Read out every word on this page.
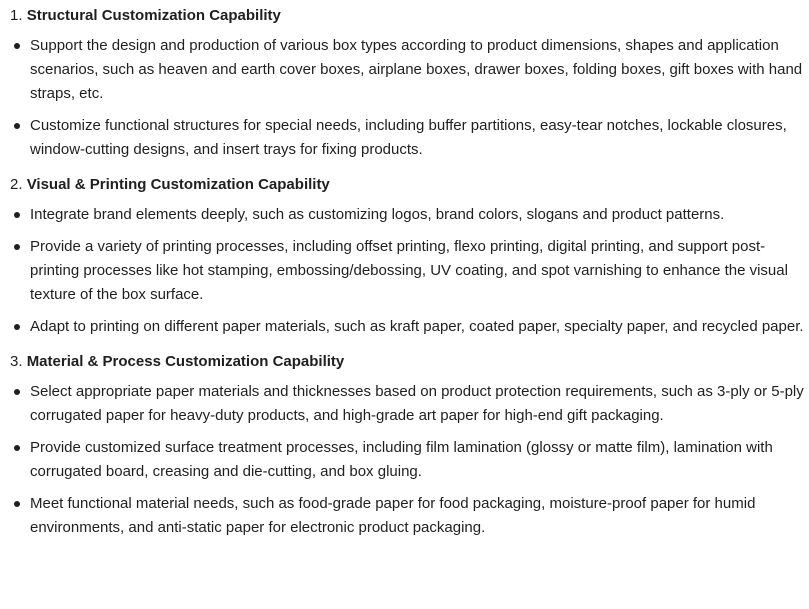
1. Structural Customization Capability
Support the design and production of various box types according to product dimensions, shapes and application scenarios, such as heaven and earth cover boxes, airplane boxes, drawer boxes, folding boxes, gift boxes with hand straps, etc.
Customize functional structures for special needs, including buffer partitions, easy-tear notches, lockable closures, window-cutting designs, and insert trays for fixing products.
2. Visual & Printing Customization Capability
Integrate brand elements deeply, such as customizing logos, brand colors, slogans and product patterns.
Provide a variety of printing processes, including offset printing, flexo printing, digital printing, and support post-printing processes like hot stamping, embossing/debossing, UV coating, and spot varnishing to enhance the visual texture of the box surface.
Adapt to printing on different paper materials, such as kraft paper, coated paper, specialty paper, and recycled paper.
3. Material & Process Customization Capability
Select appropriate paper materials and thicknesses based on product protection requirements, such as 3-ply or 5-ply corrugated paper for heavy-duty products, and high-grade art paper for high-end gift packaging.
Provide customized surface treatment processes, including film lamination (glossy or matte film), lamination with corrugated board, creasing and die-cutting, and box gluing.
Meet functional material needs, such as food-grade paper for food packaging, moisture-proof paper for humid environments, and anti-static paper for electronic product packaging.
